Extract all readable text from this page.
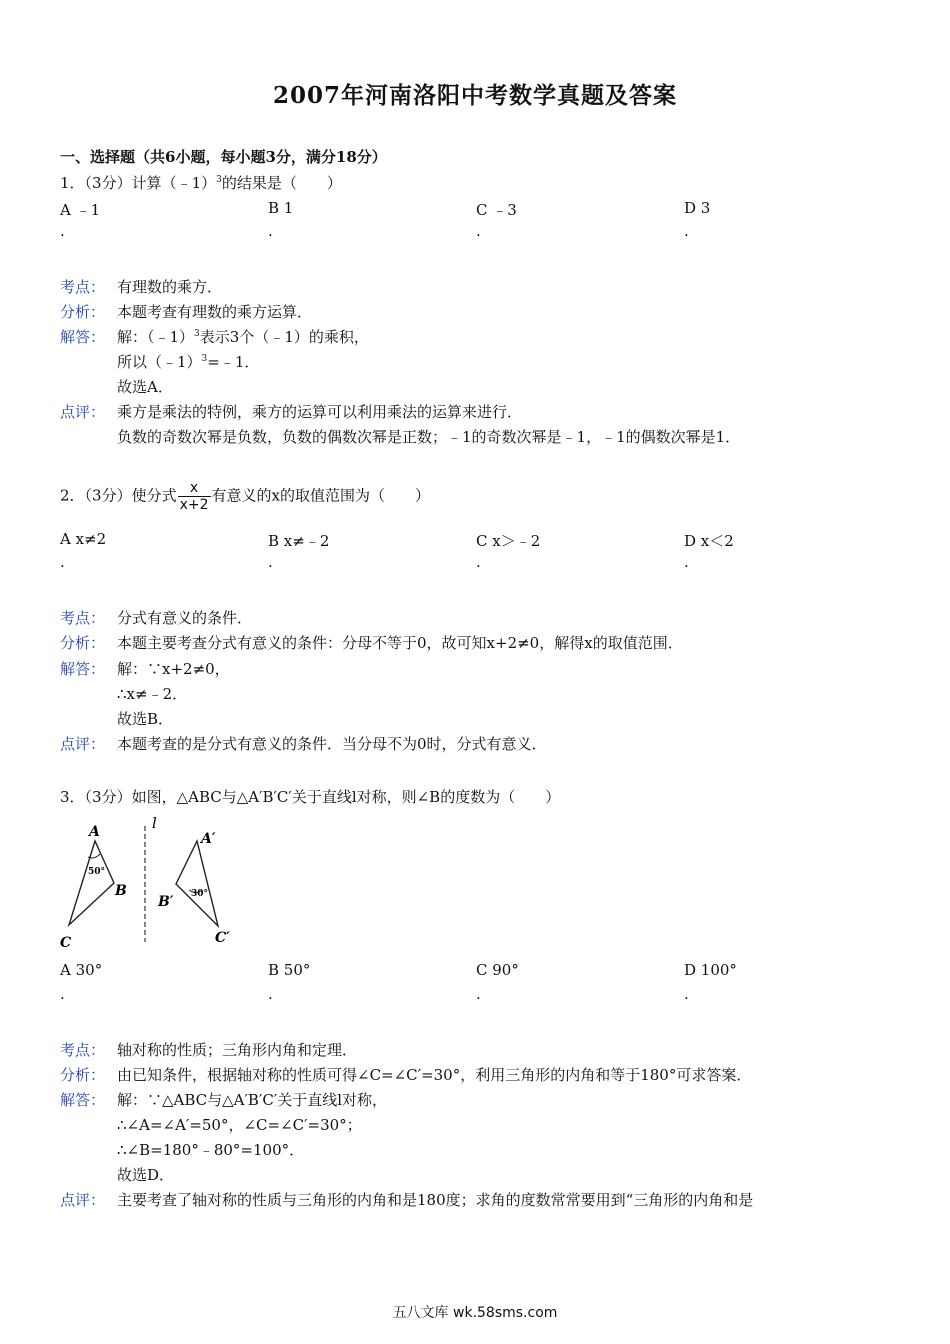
2007年河南洛阳中考数学真题及答案
一、选择题（共6小题，每小题3分，满分18分）
1．（3分）计算（﹣1）$^3$的结果是（　　）
A ﹣1	B 1	C ﹣3	D 3
.	.	.	.
考点： 有理数的乘方．
分析： 本题考查有理数的乘方运算．
解答： 解：（﹣1）$^3$表示3个（﹣1）的乘积，
所以（﹣1）$^3$=﹣1．
故选A．
点评： 乘方是乘法的特例，乘方的运算可以利用乘法的运算来进行．
负数的奇数次幂是负数，负数的偶数次幂是正数；﹣1的奇数次幂是﹣1，﹣1的偶数次幂是1．
2．（3分）使分式 $\frac{x}{x+2}$ 有意义的x的取值范围为（　　）
A x≠2	B x≠﹣2	C x＞﹣2	D x＜2
.	.	.	.
考点： 分式有意义的条件．
分析： 本题主要考查分式有意义的条件：分母不等于0，故可知x+2≠0，解得x的取值范围．
解答： 解：∵x+2≠0，
∴x≠﹣2．
故选B．
点评： 本题考查的是分式有意义的条件．当分母不为0时，分式有意义．
3．（3分）如图，△ABC与△A′B′C′关于直线l对称，则∠B的度数为（　　）
l
50°
A
B
C
30°
A′
B′
C′
A 30°	B 50°	C 90°	D 100°
.	.	.	.
考点： 轴对称的性质；三角形内角和定理．
分析： 由已知条件，根据轴对称的性质可得∠C=∠C′=30°，利用三角形的内角和等于180°可求答案．
解答： 解：∵△ABC与△A′B′C′关于直线l对称，
∴∠A=∠A′=50°，∠C=∠C′=30°；
∴∠B=180°﹣80°=100°．
故选D．
点评： 主要考查了轴对称的性质与三角形的内角和是180度；求角的度数常常要用到“三角形的内角和是
五八文库 wk.58sms.com
